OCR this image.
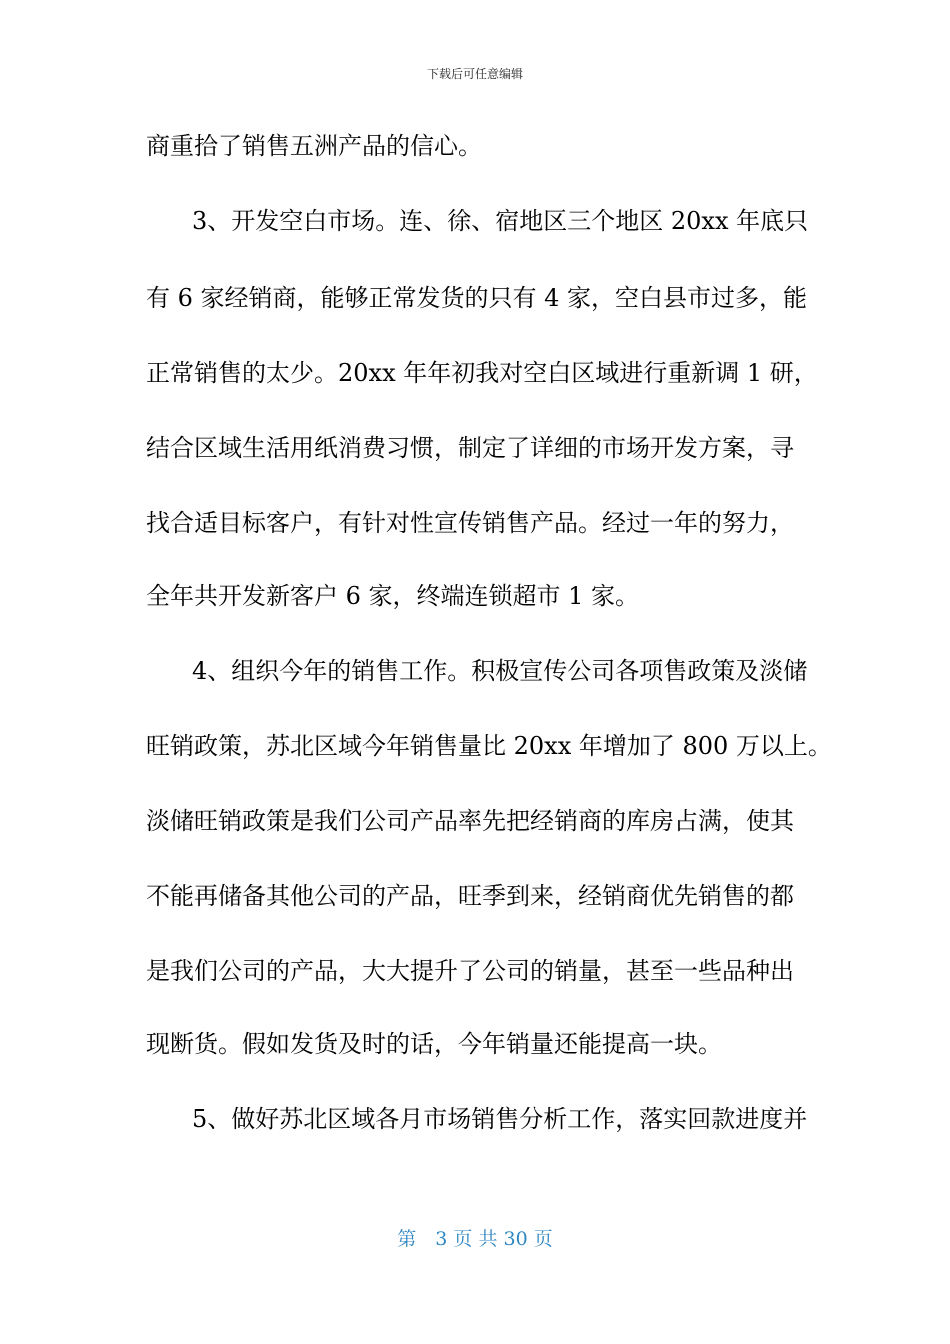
下载后可任意编辑
商重拾了销售五洲产品的信心。
3、开发空白市场。连、徐、宿地区三个地区 20xx 年底只
有 6 家经销商，能够正常发货的只有 4 家，空白县市过多，能
正常销售的太少。20xx 年年初我对空白区域进行重新调 1 研，
结合区域生活用纸消费习惯，制定了详细的市场开发方案，寻
找合适目标客户，有针对性宣传销售产品。经过一年的努力，
全年共开发新客户 6 家，终端连锁超市 1 家。
4、组织今年的销售工作。积极宣传公司各项售政策及淡储
旺销政策，苏北区域今年销售量比 20xx 年增加了 800 万以上。
淡储旺销政策是我们公司产品率先把经销商的库房占满，使其
不能再储备其他公司的产品，旺季到来，经销商优先销售的都
是我们公司的产品，大大提升了公司的销量，甚至一些品种出
现断货。假如发货及时的话，今年销量还能提高一块。
5、做好苏北区域各月市场销售分析工作，落实回款进度并
第　3 页 共 30 页
